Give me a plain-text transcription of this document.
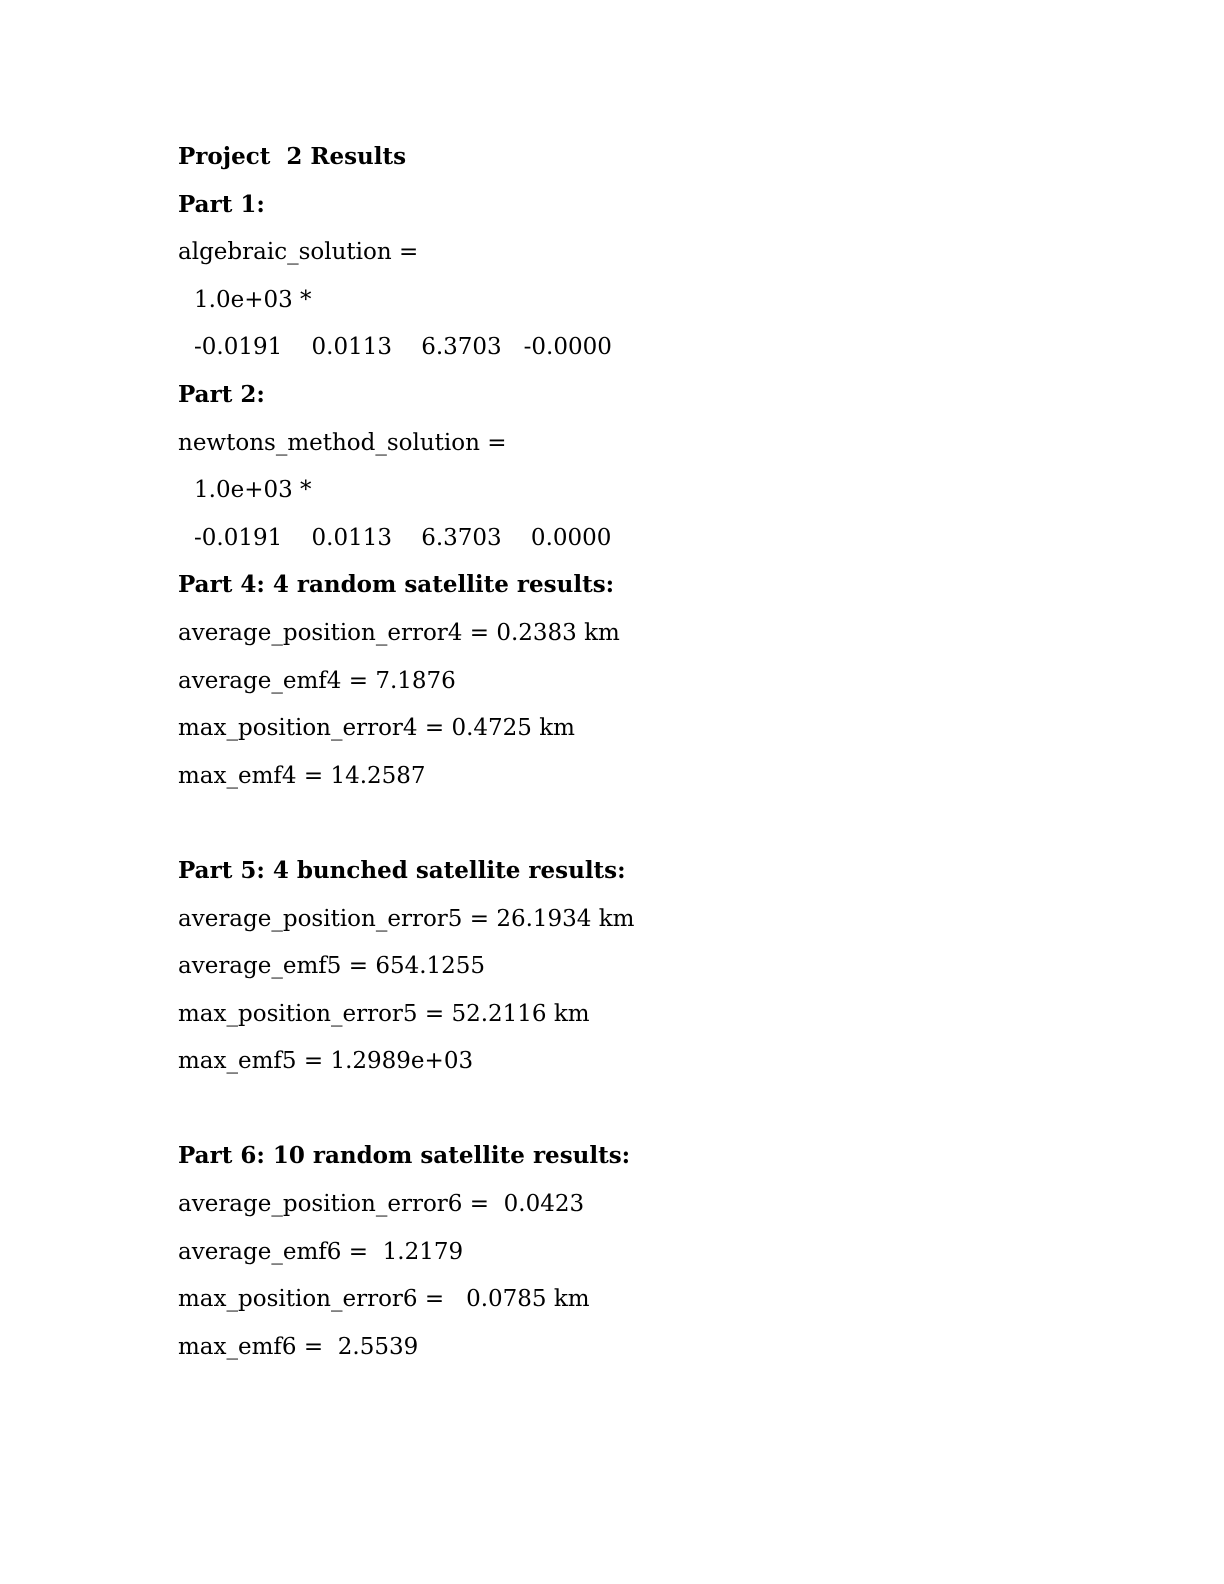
Project  2 Results
Part 1:
algebraic_solution =
1.0e+03 *
-0.0191    0.0113    6.3703   -0.0000
Part 2:
newtons_method_solution =
1.0e+03 *
-0.0191    0.0113    6.3703    0.0000
Part 4: 4 random satellite results:
average_position_error4 = 0.2383 km
average_emf4 = 7.1876
max_position_error4 = 0.4725 km
max_emf4 = 14.2587
Part 5: 4 bunched satellite results:
average_position_error5 = 26.1934 km
average_emf5 = 654.1255
max_position_error5 = 52.2116 km
max_emf5 = 1.2989e+03
Part 6: 10 random satellite results:
average_position_error6 =  0.0423
average_emf6 =  1.2179
max_position_error6 =   0.0785 km
max_emf6 =  2.5539
